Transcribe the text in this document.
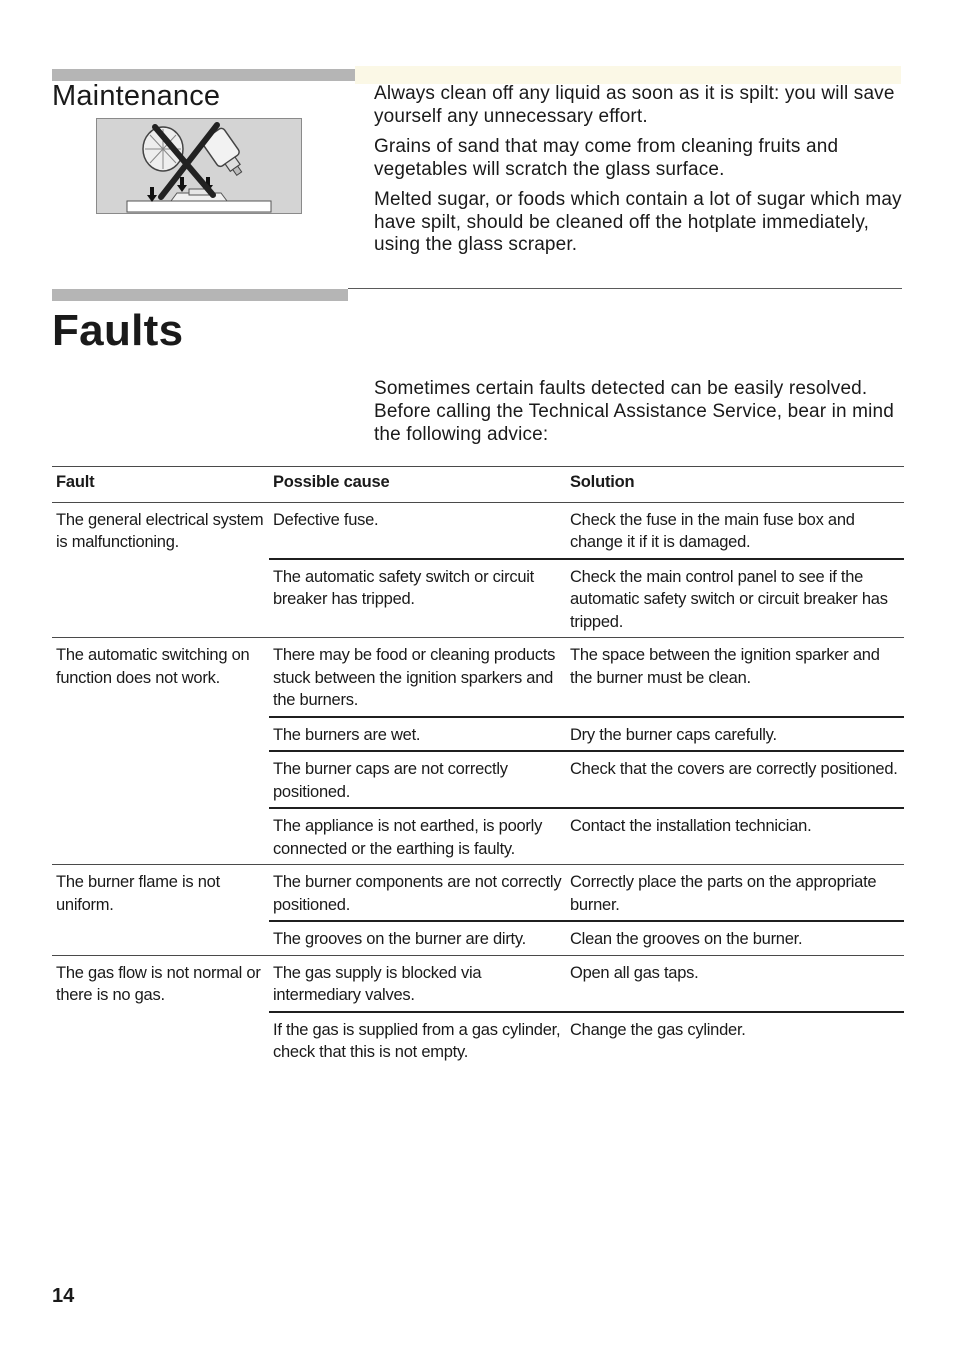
Maintenance	Always clean off any liquid as soon as it is spilt: you will save yourself any unnecessary effort.

Grains of sand that may come from cleaning fruits and vegetables will scratch the glass surface.

Melted sugar, or foods which contain a lot of sugar which may have spilt, should be cleaned off the hotplate immediately, using the glass scraper.

Faults

Sometimes certain faults detected can be easily resolved. Before calling the Technical Assistance Service, bear in mind the following advice:

Fault	Possible cause	Solution
The general electrical system is malfunctioning.	Defective fuse.	Check the fuse in the main fuse box and change it if it is damaged.
	The automatic safety switch or circuit breaker has tripped.	Check the main control panel to see if the automatic safety switch or circuit breaker has tripped.
The automatic switching on function does not work.	There may be food or cleaning products stuck between the ignition sparkers and the burners.	The space between the ignition sparker and the burner must be clean.
	The burners are wet.	Dry the burner caps carefully.
	The burner caps are not correctly positioned.	Check that the covers are correctly positioned.
	The appliance is not earthed, is poorly connected or the earthing is faulty.	Contact the installation technician.
The burner flame is not uniform.	The burner components are not correctly positioned.	Correctly place the parts on the appropriate burner.
	The grooves on the burner are dirty.	Clean the grooves on the burner.
The gas flow is not normal or there is no gas.	The gas supply is blocked via intermediary valves.	Open all gas taps.
	If the gas is supplied from a gas cylinder, check that this is not empty.	Change the gas cylinder.
14
